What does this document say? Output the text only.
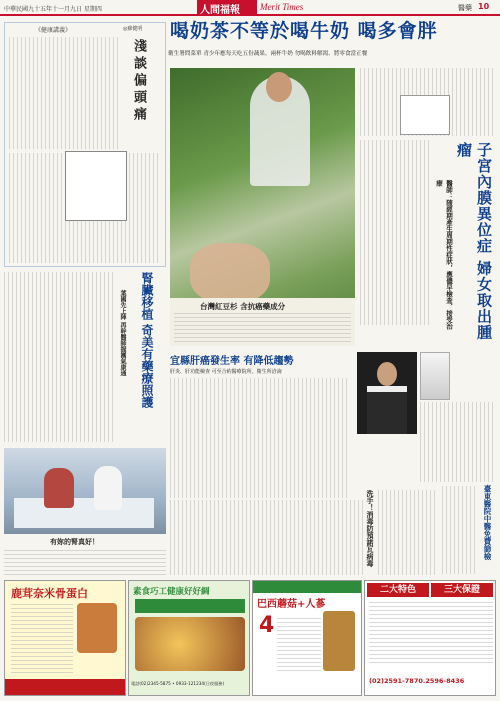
中華民國九十五年十一月九日 星期四	人間福報 Merit Times	醫藥 10
喝奶茶不等於喝牛奶 喝多會胖
衛生署問菜單 青少年應每天吃五份蔬果、兩杯牛奶 勿喝飲料解渴、將零食當正餐
《健康講義》	◎蘇健明
淺談偏頭痛
台灣紅豆杉 含抗癌藥成分	醫師：随經期產生周期性症狀，應儘早檢查、接受治療	子宮內膜異位症 婦女取出腫瘤
腎臟移植 奇美有藥療照護
葉國先上陣 再幹醫師握團氣康通	宜縣肝癌發生率 有降低趨勢
肝炎、肝功能檢查 可至合約醫療院所。衛生所洽詢
有妳的腎真好！	洗手！消毒防預諾瓦病毒	臺東醫院中醫免費篩檢
鹿茸奈米骨蛋白	素食巧工健康好好綢
電話(02)2345-5875 • 0933-121234(日夜服務)
巴西蘑菇+人蔘
4
二大特色	三大保證
(02)2591-7870.2596-8436
